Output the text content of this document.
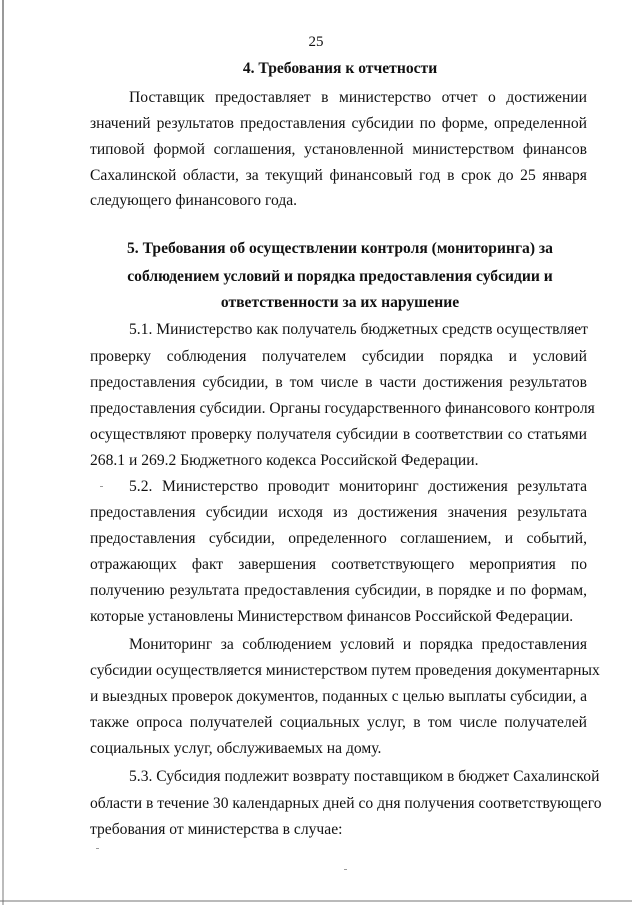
25
4. Требования к отчетности
Поставщик предоставляет в министерство отчет о достижении
значений результатов предоставления субсидии по форме, определенной
типовой формой соглашения, установленной министерством финансов
Сахалинской области, за текущий финансовый год в срок до 25 января
следующего финансового года.
5. Требования об осуществлении контроля (мониторинга) за
соблюдением условий и порядка предоставления субсидии и
ответственности за их нарушение
5.1. Министерство как получатель бюджетных средств осуществляет
проверку соблюдения получателем субсидии порядка и условий
предоставления субсидии, в том числе в части достижения результатов
предоставления субсидии. Органы государственного финансового контроля
осуществляют проверку получателя субсидии в соответствии со статьями
268.1 и 269.2 Бюджетного кодекса Российской Федерации.
5.2. Министерство проводит мониторинг достижения результата
предоставления субсидии исходя из достижения значения результата
предоставления субсидии, определенного соглашением, и событий,
отражающих факт завершения соответствующего мероприятия по
получению результата предоставления субсидии, в порядке и по формам,
которые установлены Министерством финансов Российской Федерации.
Мониторинг за соблюдением условий и порядка предоставления
субсидии осуществляется министерством путем проведения документарных
и выездных проверок документов, поданных с целью выплаты субсидии, а
также опроса получателей социальных услуг, в том числе получателей
социальных услуг, обслуживаемых на дому.
5.3. Субсидия подлежит возврату поставщиком в бюджет Сахалинской
области в течение 30 календарных дней со дня получения соответствующего
требования от министерства в случае:
